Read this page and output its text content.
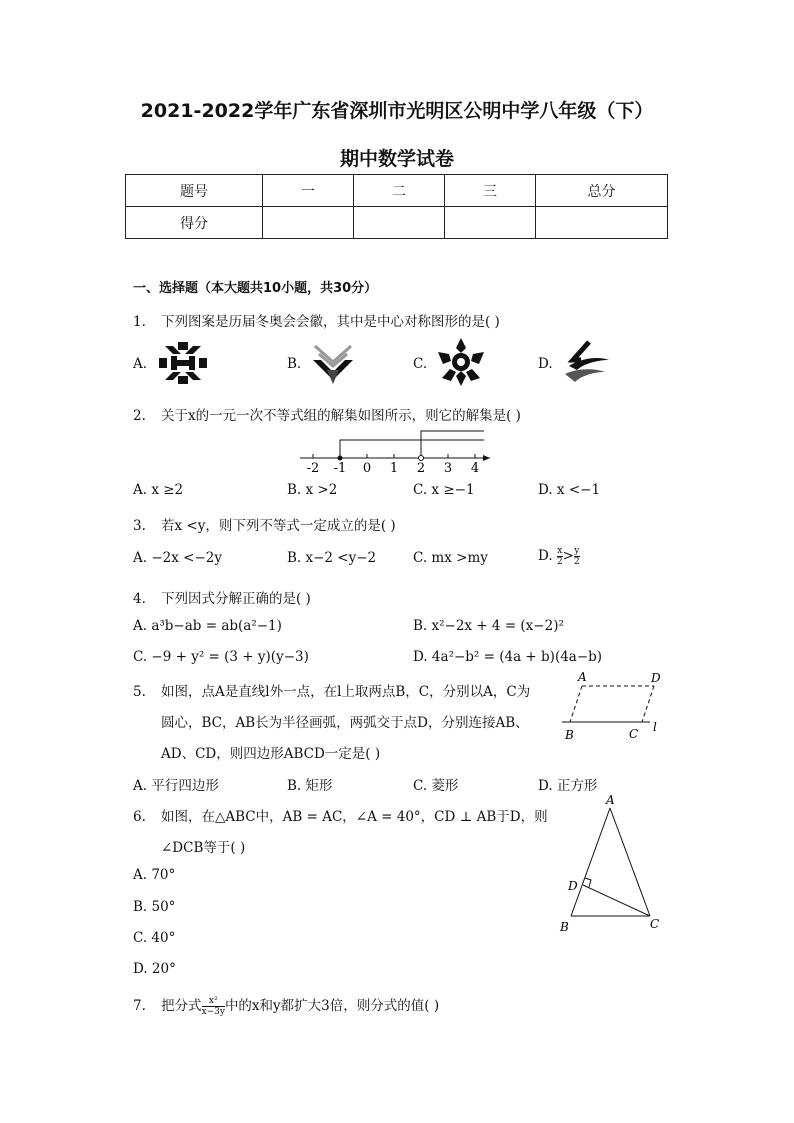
2021-2022学年广东省深圳市光明区公明中学八年级（下）
期中数学试卷
题号	一	二	三	总分
得分				
一、选择题（本大题共10小题，共30分）
1. 下列图案是历届冬奥会会徽，其中是中心对称图形的是( )
A.	B.	C.	D.
2. 关于x的一元一次不等式组的解集如图所示，则它的解集是( )
-2 -1 0 1 2 3 4
A. x ≥2	B. x >2	C. x ≥−1	D. x <−1
3. 若x <y，则下列不等式一定成立的是( )
A. −2x <−2y	B. x−2 <y−2	C. mx >my	D. $\frac{x}{2} > \frac{y}{2}$
4. 下列因式分解正确的是( )
A. a³b−ab = ab(a²−1)	B. x²−2x + 4 = (x−2)²
C. −9 + y² = (3 + y)(y−3)	D. 4a²−b² = (4a + b)(4a−b)
5. 如图，点A是直线l外一点，在l上取两点B，C，分别以A，C为
圆心，BC，AB长为半径画弧，两弧交于点D，分别连接AB、
AD、CD，则四边形ABCD一定是( )
A	D
B	C l
A. 平行四边形	B. 矩形	C. 菱形	D. 正方形
6. 如图，在△ABC中，AB = AC，∠A = 40°，CD ⊥ AB于D，则
∠DCB等于( )
A
D
B	C
A. 70°
B. 50°
C. 40°
D. 20°
7. 把分式 $\frac{\text{x²}}{x-3y}$ 中的x和y都扩大3倍，则分式的值( )
